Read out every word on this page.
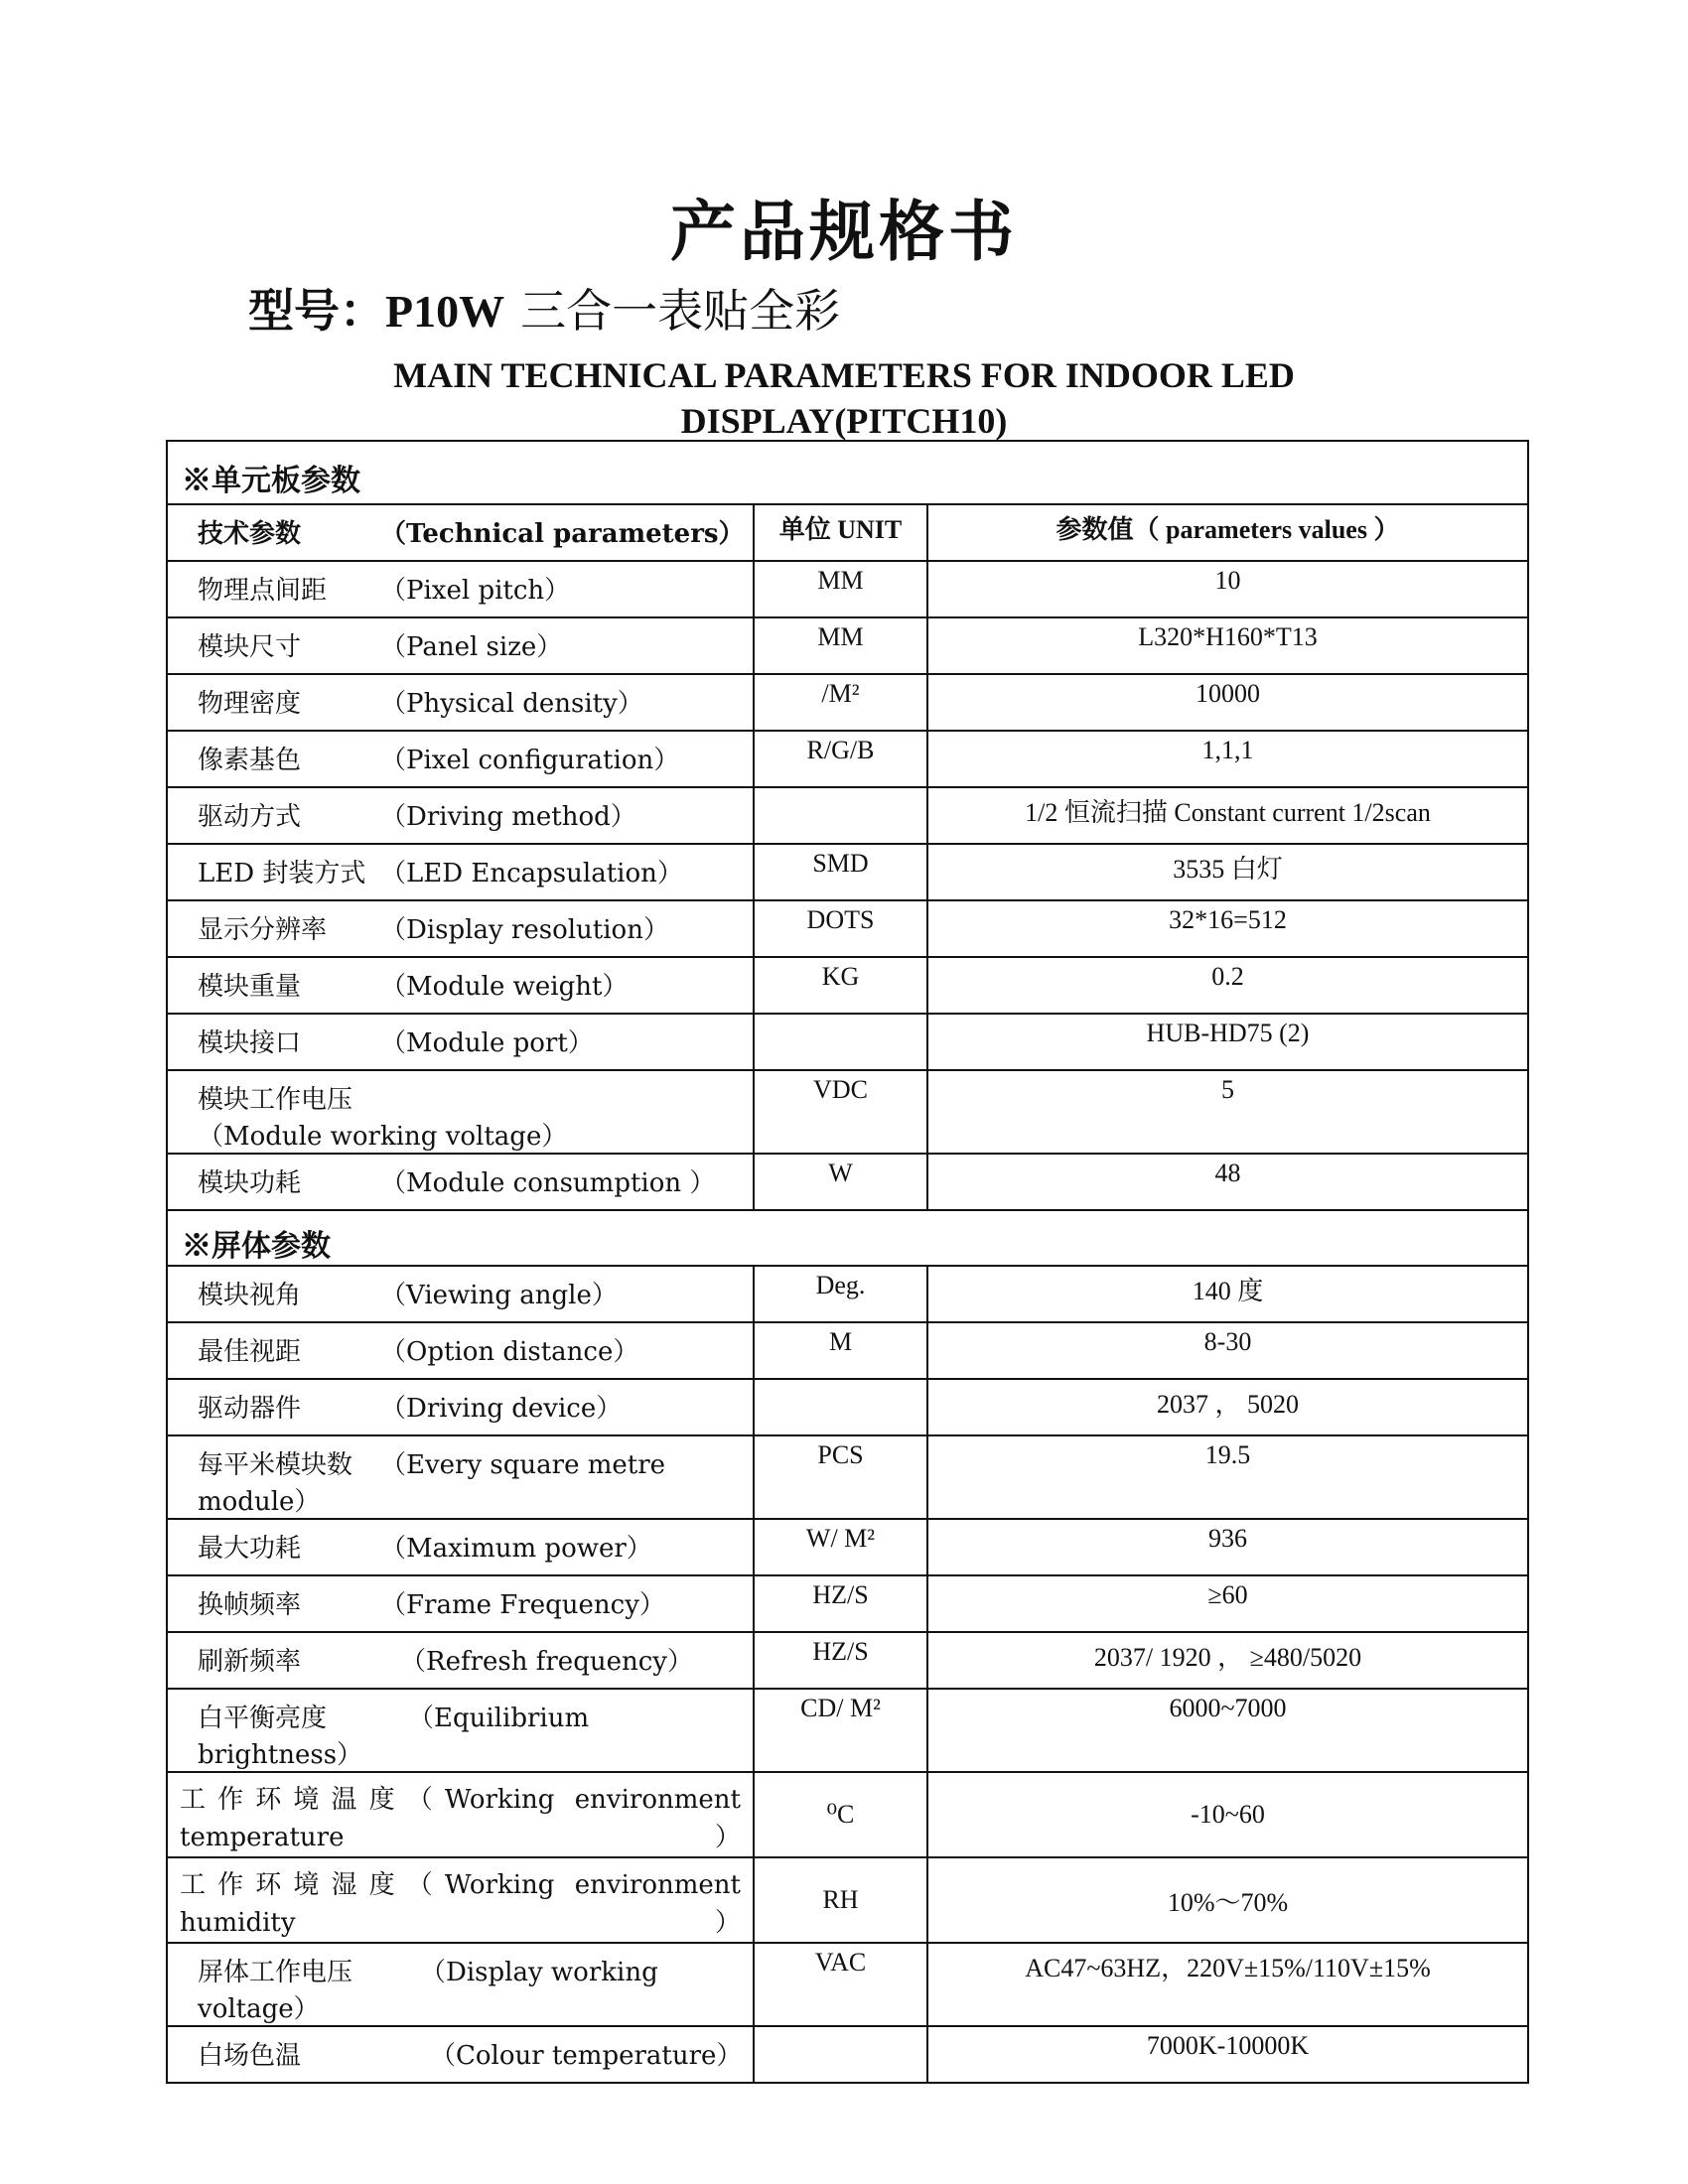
产品规格书
型号：P10W 三合一表贴全彩
MAIN TECHNICAL PARAMETERS FOR INDOOR LED
DISPLAY(PITCH10)
※单元板参数		
技术参数 （Technical parameters）	单位 UNIT	参数值（ parameters values ）
物理点间距 （Pixel pitch）	MM	10
模块尺寸 （Panel size）	MM	L320*H160*T13
物理密度 （Physical density）	/M²	10000
像素基色 （Pixel configuration）	R/G/B	1,1,1
驱动方式 （Driving method）		1/2 恒流扫描 Constant current 1/2scan
LED 封装方式 （LED Encapsulation）	SMD	3535 白灯
显示分辨率 （Display resolution）	DOTS	32*16=512
模块重量 （Module weight）	KG	0.2
模块接口 （Module port）		HUB-HD75 (2)
模块工作电压（Module working voltage）	VDC	5
模块功耗 （Module consumption ）	W	48
※屏体参数		
模块视角 （Viewing angle）	Deg.	140 度
最佳视距 （Option distance）	M	8-30
驱动器件 （Driving device）		2037 ， 5020
每平米模块数 （Every square metre module）	PCS	19.5
最大功耗 （Maximum power）	W/ M²	936
换帧频率 （Frame Frequency）	HZ/S	≥60
刷新频率 （Refresh frequency）	HZ/S	2037/ 1920 ， ≥480/5020
白平衡亮度 （Equilibrium brightness）	CD/ M²	6000~7000
工作环境温度（Working environment temperature）	⁰C	-10~60
工作环境湿度（Working environment humidity）	RH	10%～70%
屏体工作电压 （Display working voltage）	VAC	AC47~63HZ，220V±15%/110V±15%
白场色温 （Colour temperature）		7000K-10000K
